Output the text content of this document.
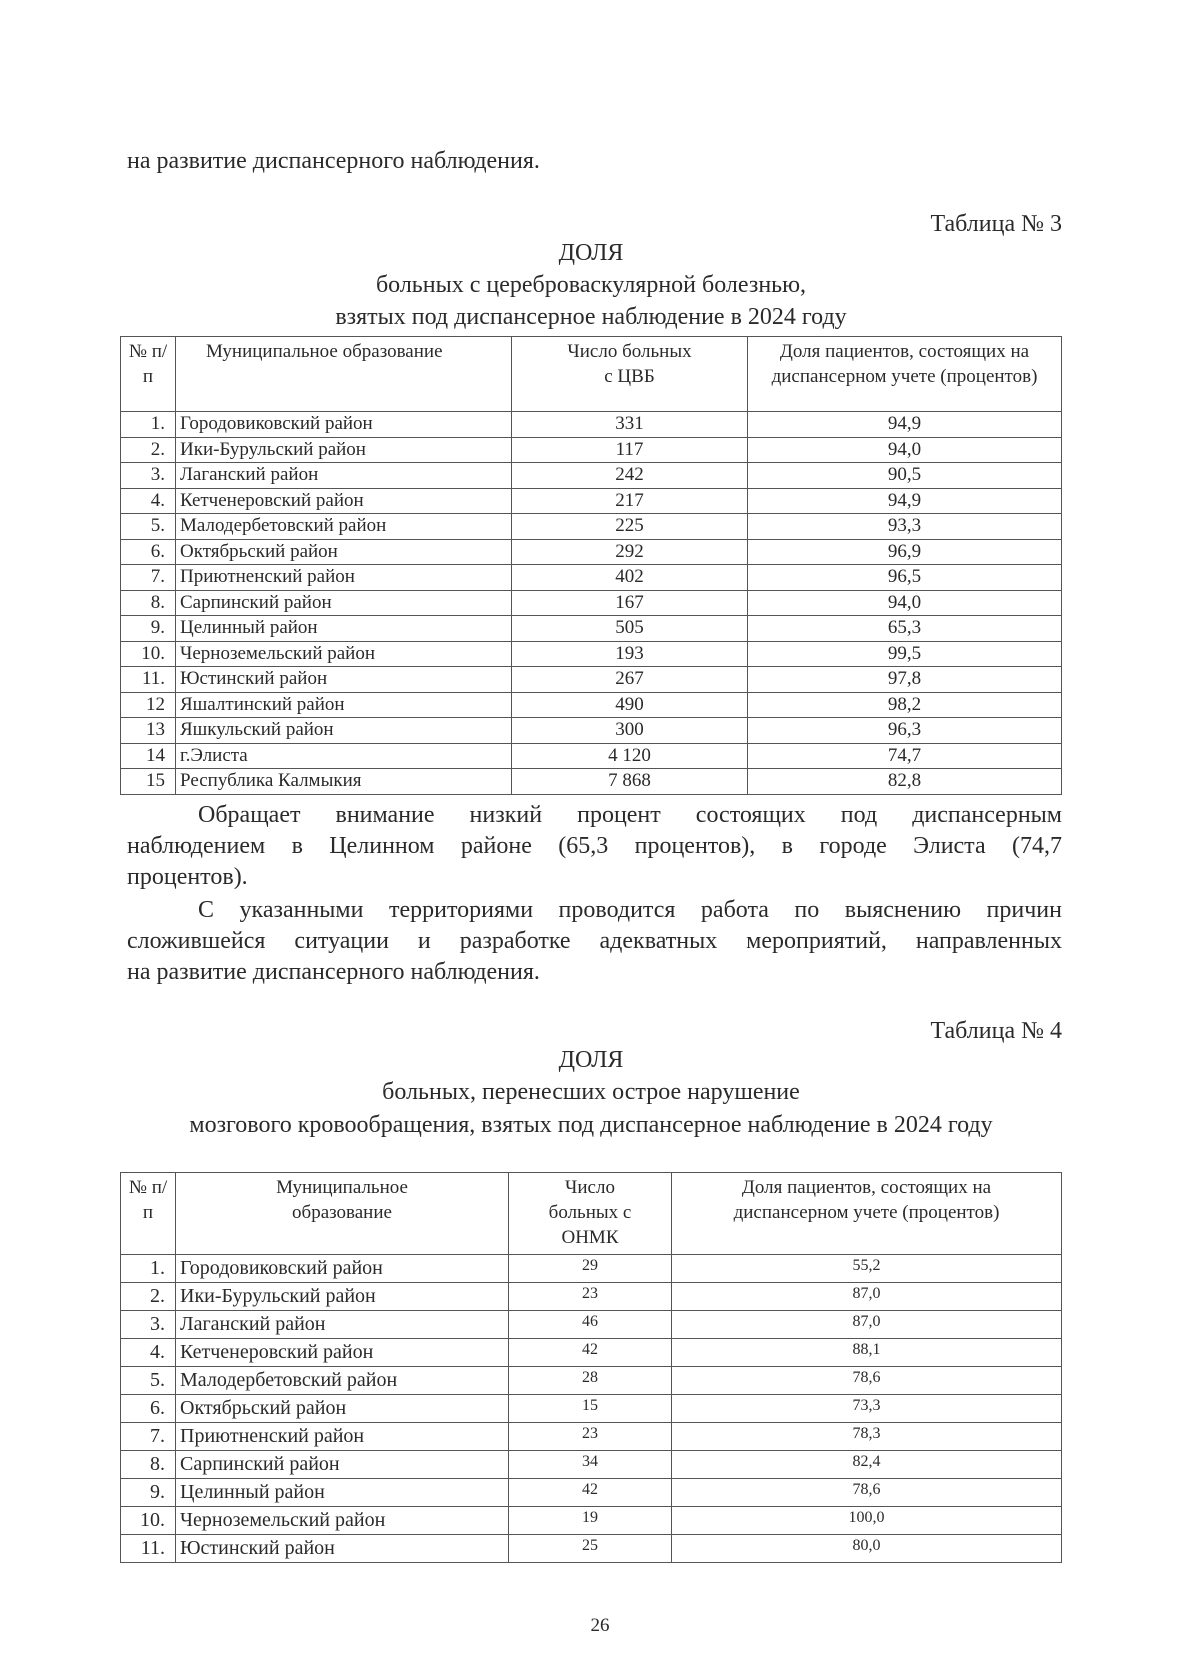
на развитие диспансерного наблюдения.
Таблица № 3
ДОЛЯ
больных с цереброваскулярной болезнью,
взятых под диспансерное наблюдение в 2024 году
№ п/п	Муниципальное образование	Число больных с ЦВБ	Доля пациентов, состоящих на диспансерном учете (процентов)
1.	Городовиковский район	331	94,9
2.	Ики-Бурульский район	117	94,0
3.	Лаганский район	242	90,5
4.	Кетченеровский район	217	94,9
5.	Малодербетовский район	225	93,3
6.	Октябрьский район	292	96,9
7.	Приютненский район	402	96,5
8.	Сарпинский район	167	94,0
9.	Целинный район	505	65,3
10.	Черноземельский район	193	99,5
11.	Юстинский район	267	97,8
12	Яшалтинский район	490	98,2
13	Яшкульский район	300	96,3
14	г.Элиста	4 120	74,7
15	Республика Калмыкия	7 868	82,8
Обращает внимание низкий процент состоящих под диспансерным
наблюдением в Целинном районе (65,3 процентов), в городе Элиста (74,7
процентов).
С указанными территориями проводится работа по выяснению причин
сложившейся ситуации и разработке адекватных мероприятий, направленных
на развитие диспансерного наблюдения.
Таблица № 4
ДОЛЯ
больных, перенесших острое нарушение
мозгового кровообращения, взятых под диспансерное наблюдение в 2024 году
№ п/п	Муниципальное образование	Число больных с ОНМК	Доля пациентов, состоящих на диспансерном учете (процентов)
1.	Городовиковский район	29	55,2
2.	Ики-Бурульский район	23	87,0
3.	Лаганский район	46	87,0
4.	Кетченеровский район	42	88,1
5.	Малодербетовский район	28	78,6
6.	Октябрьский район	15	73,3
7.	Приютненский район	23	78,3
8.	Сарпинский район	34	82,4
9.	Целинный район	42	78,6
10.	Черноземельский район	19	100,0
11.	Юстинский район	25	80,0
26
